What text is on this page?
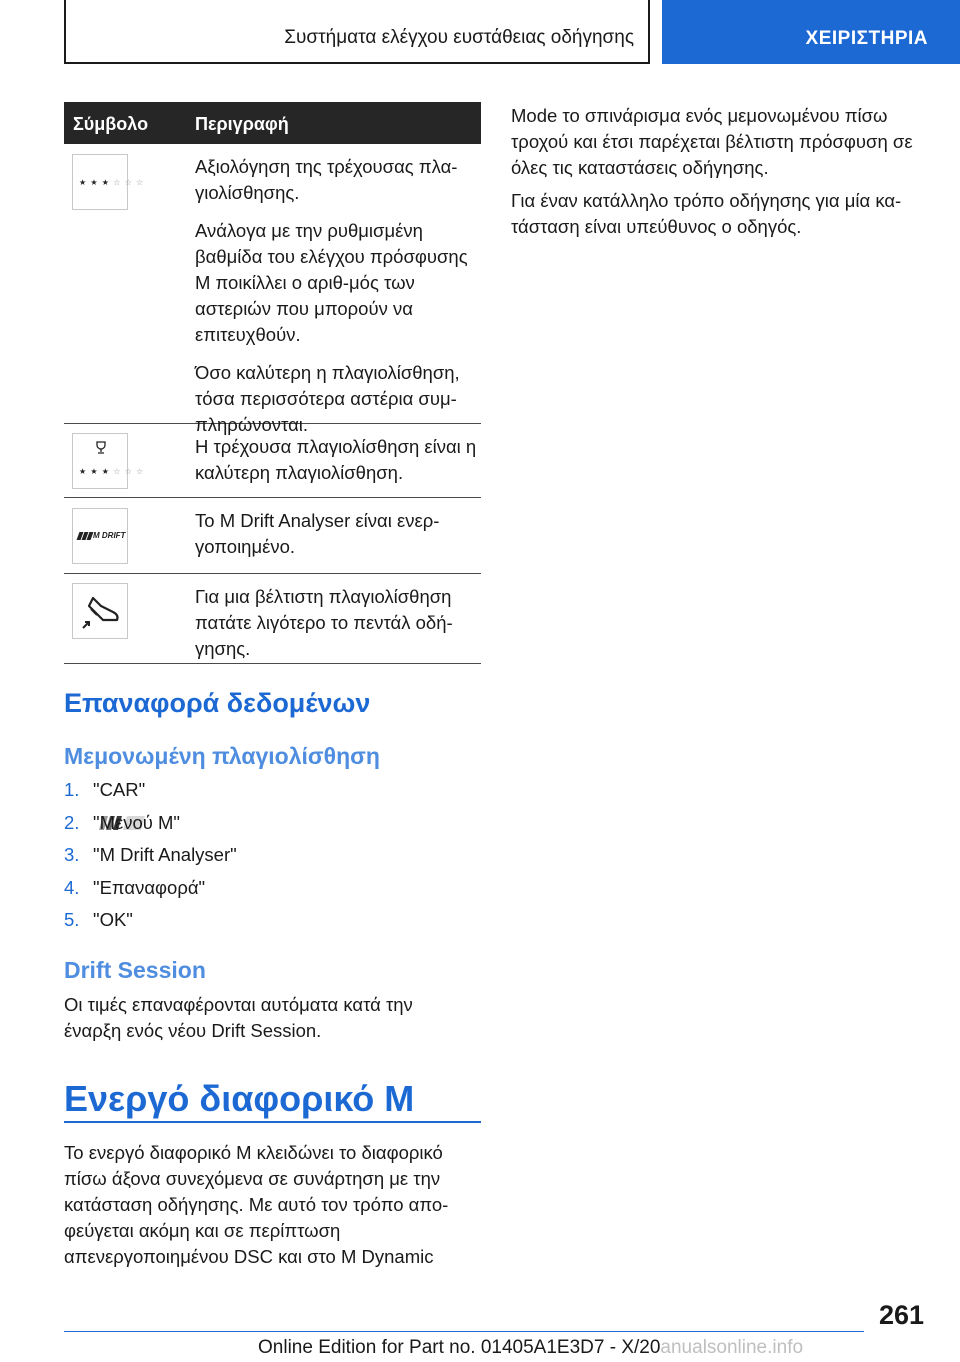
Συστήματα ελέγχου ευστάθειας οδήγησης	ΧΕΙΡΙΣΤΗΡΙΑ
Σύμβολο	Περιγραφή
★ ★ ★ ☆ ☆ ☆

Αξιολόγηση της τρέχουσας πλα-γιολίσθησης.

Ανάλογα με την ρυθμισμένη βαθμίδα του ελέγχου πρόσφυσης M ποικίλλει ο αριθ-μός των αστεριών που μπορούν να επιτευχθούν.

Όσο καλύτερη η πλαγιολίσθηση, τόσα περισσότερα αστέρια συμ-πληρώνονται.

★ ★ ★ ☆ ☆ ☆

Η τρέχουσα πλαγιολίσθηση είναι η καλύτερη πλαγιολίσθηση.

M DRIFT

Το M Drift Analyser είναι ενερ-γοποιημένο.

Για μια βέλτιστη πλαγιολίσθηση πατάτε λιγότερο το πεντάλ οδή-γησης.

Επαναφορά δεδομένων
Μεμονωμένη πλαγιολίσθηση
1. "CAR"
2. "Μενού M"
3. "M Drift Analyser"
4. "Επαναφορά"
5. "OK"
Drift Session
Οι τιμές επαναφέρονται αυτόματα κατά την έναρξη ενός νέου Drift Session.
Ενεργό διαφορικό M
Το ενεργό διαφορικό M κλειδώνει το διαφορικό πίσω άξονα συνεχόμενα σε συνάρτηση με την κατάσταση οδήγησης. Με αυτό τον τρόπο απο-φεύγεται ακόμη και σε περίπτωση απενεργοποιημένου DSC και στο M Dynamic
Mode το σπινάρισμα ενός μεμονωμένου πίσω τροχού και έτσι παρέχεται βέλτιστη πρόσφυση σε όλες τις καταστάσεις οδήγησης.
Για έναν κατάλληλο τρόπο οδήγησης για μία κα-τάσταση είναι υπεύθυνος ο οδηγός.
261
Online Edition for Part no. 01405A1E3D7 - X/20anualsonline.info
